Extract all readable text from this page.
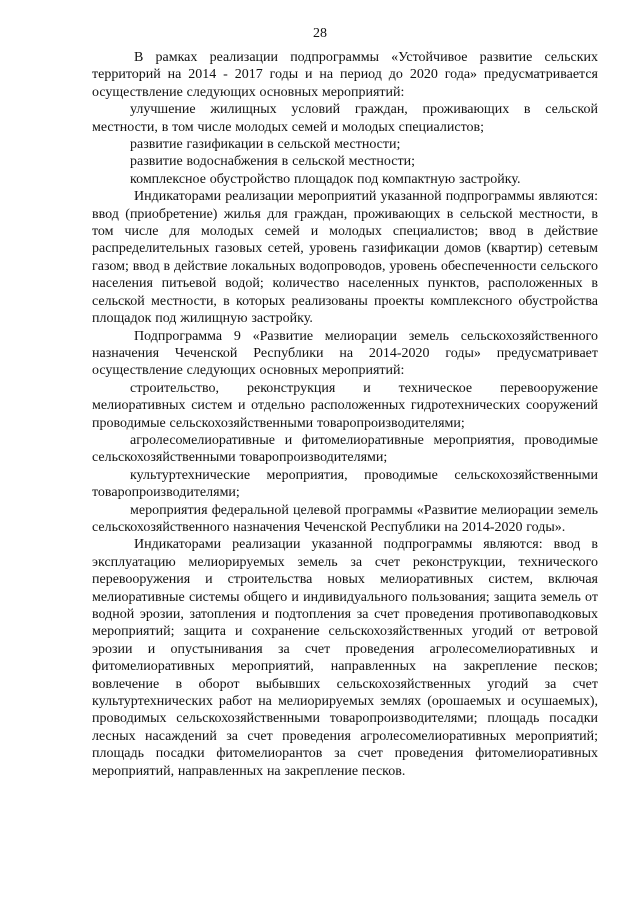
28

В рамках реализации подпрограммы «Устойчивое развитие сельских территорий на 2014 - 2017 годы и на период до 2020 года» предусматривается осуществление следующих основных мероприятий:

улучшение жилищных условий граждан, проживающих в сельской местности, в том числе молодых семей и молодых специалистов;

развитие газификации в сельской местности;

развитие водоснабжения в сельской местности;

комплексное обустройство площадок под компактную застройку.

Индикаторами реализации мероприятий указанной подпрограммы являются: ввод (приобретение) жилья для граждан, проживающих в сельской местности, в том числе для молодых семей и молодых специалистов; ввод в действие распределительных газовых сетей, уровень газификации домов (квартир) сетевым газом; ввод в действие локальных водопроводов, уровень обеспеченности сельского населения питьевой водой; количество населенных пунктов, расположенных в сельской местности, в которых реализованы проекты комплексного обустройства площадок под жилищную застройку.

Подпрограмма 9 «Развитие мелиорации земель сельскохозяйственного назначения Чеченской Республики на 2014-2020 годы» предусматривает осуществление следующих основных мероприятий:

строительство, реконструкция и техническое перевооружение мелиоративных систем и отдельно расположенных гидротехнических сооружений проводимые сельскохозяйственными товаропроизводителями;

агролесомелиоративные и фитомелиоративные мероприятия, проводимые сельскохозяйственными товаропроизводителями;

культуртехнические мероприятия, проводимые сельскохозяйственными товаропроизводителями;

мероприятия федеральной целевой программы «Развитие мелиорации земель сельскохозяйственного назначения Чеченской Республики на 2014-2020 годы».

Индикаторами реализации указанной подпрограммы являются: ввод в эксплуатацию мелиорируемых земель за счет реконструкции, технического перевооружения и строительства новых мелиоративных систем, включая мелиоративные системы общего и индивидуального пользования; защита земель от водной эрозии, затопления и подтопления за счет проведения противопаводковых мероприятий; защита и сохранение сельскохозяйственных угодий от ветровой эрозии и опустынивания за счет проведения агролесомелиоративных и фитомелиоративных мероприятий, направленных на закрепление песков; вовлечение в оборот выбывших сельскохозяйственных угодий за счет культуртехнических работ на мелиорируемых землях (орошаемых и осушаемых), проводимых сельскохозяйственными товаропроизводителями; площадь посадки лесных насаждений за счет проведения агролесомелиоративных мероприятий; площадь посадки фитомелиорантов за счет проведения фитомелиоративных мероприятий, направленных на закрепление песков.
